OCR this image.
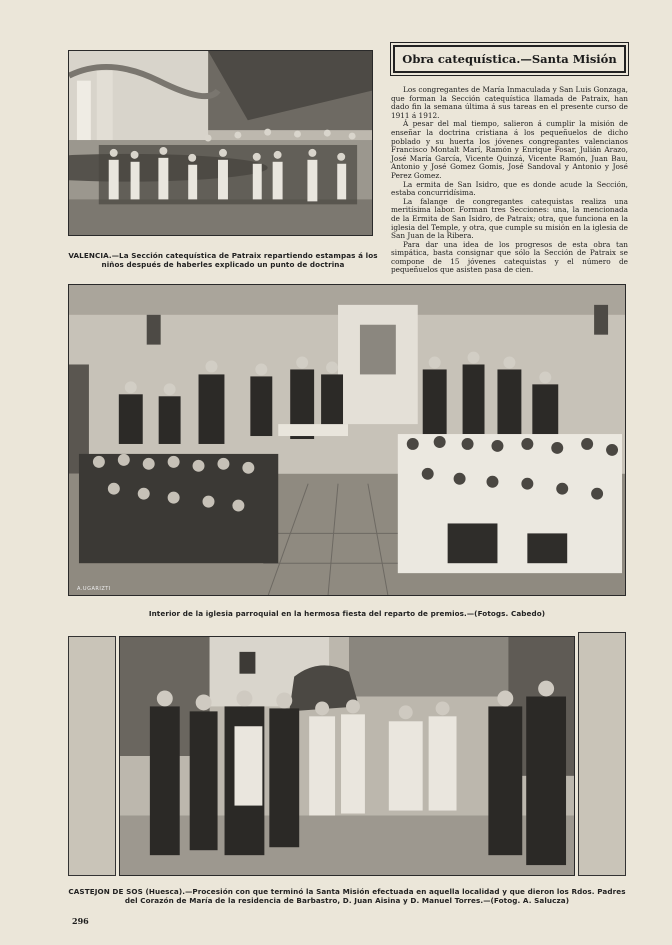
VALENCIA.—La Sección catequística de Patraix repartiendo estampas á los niños después de haberles explicado un punto de doctrina
Obra catequística.—Santa Misión

Los congregantes de María Inmaculada y San Luis Gonzaga, que forman la Sección catequística llamada de Patraix, han dado fin la semana última á sus tareas en el presente curso de 1911 á 1912.

Á pesar del mal tiempo, salieron á cumplir la misión de enseñar la doctrina cristiana á los pequeñuelos de dicho poblado y su huerta los jóvenes congregantes valencianos Francisco Montalt Marí, Ramón y Enrique Fosar, Julián Arazo, José María García, Vicente Quinzá, Vicente Ramón, Juan Bau, Antonio y José Gomez Gomis, José Sandoval y Antonio y José Perez Gomez.

La ermita de San Isidro, que es donde acude la Sección, estaba concurridísima.

La falange de congregantes catequistas realiza una meritísima labor. Forman tres Secciones: una, la mencionada de la Ermita de San Isidro, de Patraix; otra, que funciona en la iglesia del Temple, y otra, que cumple su misión en la iglesia de San Juan de la Ribera.

Para dar una idea de los progresos de esta obra tan simpática, basta consignar que sólo la Sección de Patraix se compone de 15 jóvenes catequistas y el número de pequeñuelos que asisten pasa de cien.

A.UGARIZTI
Interior de la iglesia parroquial en la hermosa fiesta del reparto de premios.—(Fotogs. Cabedo)
CASTEJON DE SOS (Huesca).—Procesión con que terminó la Santa Misión efectuada en aquella localidad y que dieron los Rdos. Padres del Corazón de María de la residencia de Barbastro, D. Juan Aisina y D. Manuel Torres.—(Fotog. A. Salucza)
296
